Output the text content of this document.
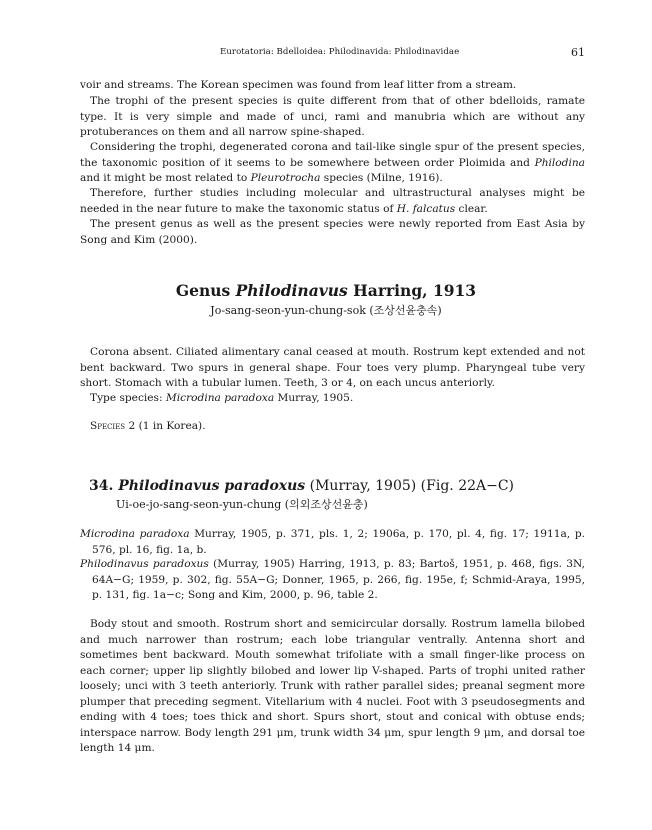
Eurotatoria: Bdelloidea: Philodinavida: Philodinavidae	61

voir and streams. The Korean specimen was found from leaf litter from a stream.

The trophi of the present species is quite different from that of other bdelloids, ramate type. It is very simple and made of unci, rami and manubria which are without any protuberances on them and all narrow spine-shaped.

Considering the trophi, degenerated corona and tail-like single spur of the present species, the taxonomic position of it seems to be somewhere between order Ploimida and Philodina and it might be most related to Pleurotrocha species (Milne, 1916).

Therefore, further studies including molecular and ultrastructural analyses might be needed in the near future to make the taxonomic status of H. falcatus clear.

The present genus as well as the present species were newly reported from East Asia by Song and Kim (2000).

Genus Philodinavus Harring, 1913
Jo-sang-seon-yun-chung-sok (조상선윤충속)

Corona absent. Ciliated alimentary canal ceased at mouth. Rostrum kept extended and not bent backward. Two spurs in general shape. Four toes very plump. Pharyngeal tube very short. Stomach with a tubular lumen. Teeth, 3 or 4, on each uncus anteriorly.

Type species: Microdina paradoxa Murray, 1905.

Species 2 (1 in Korea).

34. Philodinavus paradoxus (Murray, 1905) (Fig. 22A−C)
Ui-oe-jo-sang-seon-yun-chung (의외조상선윤충)

Microdina paradoxa Murray, 1905, p. 371, pls. 1, 2; 1906a, p. 170, pl. 4, fig. 17; 1911a, p. 576, pl. 16, fig. 1a, b.

Philodinavus paradoxus (Murray, 1905) Harring, 1913, p. 83; Bartoš, 1951, p. 468, figs. 3N, 64A−G; 1959, p. 302, fig. 55A−G; Donner, 1965, p. 266, fig. 195e, f; Schmid-Araya, 1995, p. 131, fig. 1a−c; Song and Kim, 2000, p. 96, table 2.

Body stout and smooth. Rostrum short and semicircular dorsally. Rostrum lamella bilobed and much narrower than rostrum; each lobe triangular ventrally. Antenna short and sometimes bent backward. Mouth somewhat trifoliate with a small finger-like process on each corner; upper lip slightly bilobed and lower lip V-shaped. Parts of trophi united rather loosely; unci with 3 teeth anteriorly. Trunk with rather parallel sides; preanal segment more plumper that preceding segment. Vitellarium with 4 nuclei. Foot with 3 pseudosegments and ending with 4 toes; toes thick and short. Spurs short, stout and conical with obtuse ends; interspace narrow. Body length 291 μm, trunk width 34 μm, spur length 9 μm, and dorsal toe length 14 μm.
